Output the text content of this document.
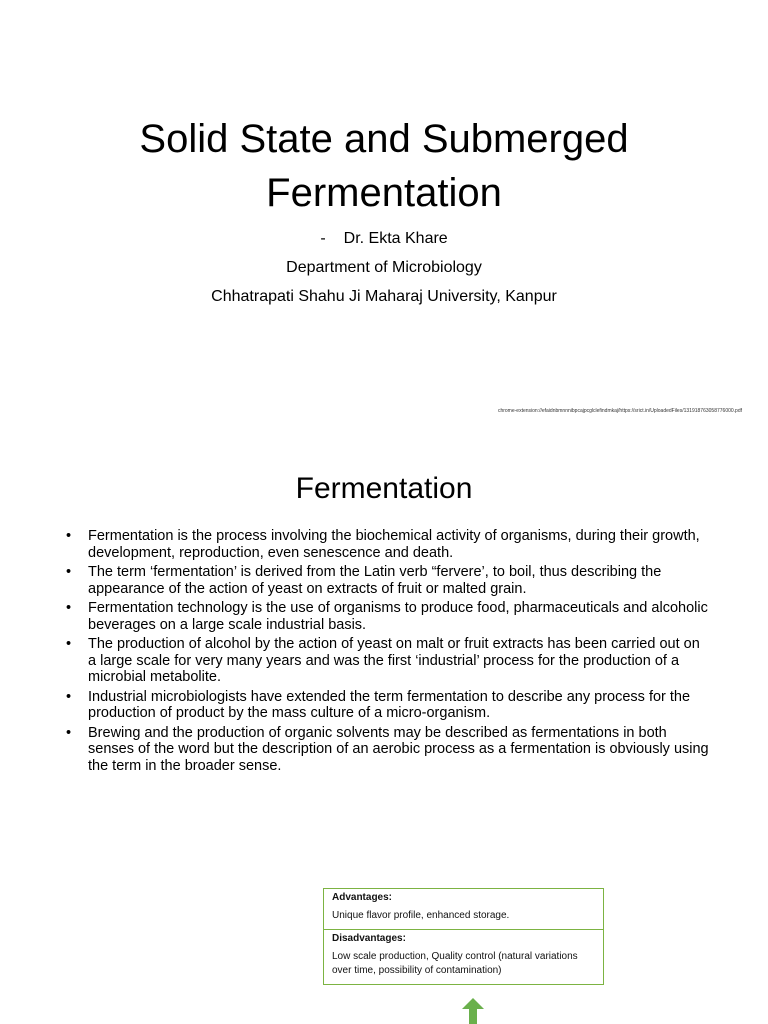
Solid State and Submerged
Fermentation
- Dr. Ekta Khare
Department of Microbiology
Chhatrapati Shahu Ji Maharaj University, Kanpur
chrome-extension://efaidnbmnnnibpcajpcglclefindmkaj/https://srict.in/UploadedFiles/131918763058776000.pdf
Fermentation
• Fermentation is the process involving the biochemical activity of organisms, during their growth, development, reproduction, even senescence and death.
• The term ‘fermentation’ is derived from the Latin verb “fervere’, to boil, thus describing the appearance of the action of yeast on extracts of fruit or malted grain.
• Fermentation technology is the use of organisms to produce food, pharmaceuticals and alcoholic beverages on a large scale industrial basis.
• The production of alcohol by the action of yeast on malt or fruit extracts has been carried out on a large scale for very many years and was the first ‘industrial’ process for the production of a microbial metabolite.
• Industrial microbiologists have extended the term fermentation to describe any process for the production of product by the mass culture of a micro-organism.
• Brewing and the production of organic solvents may be described as fermentations in both senses of the word but the description of an aerobic process as a fermentation is obviously using the term in the broader sense.
Advantages:
Unique flavor profile, enhanced storage.
Disadvantages:
Low scale production, Quality control (natural variations over time, possibility of contamination)
